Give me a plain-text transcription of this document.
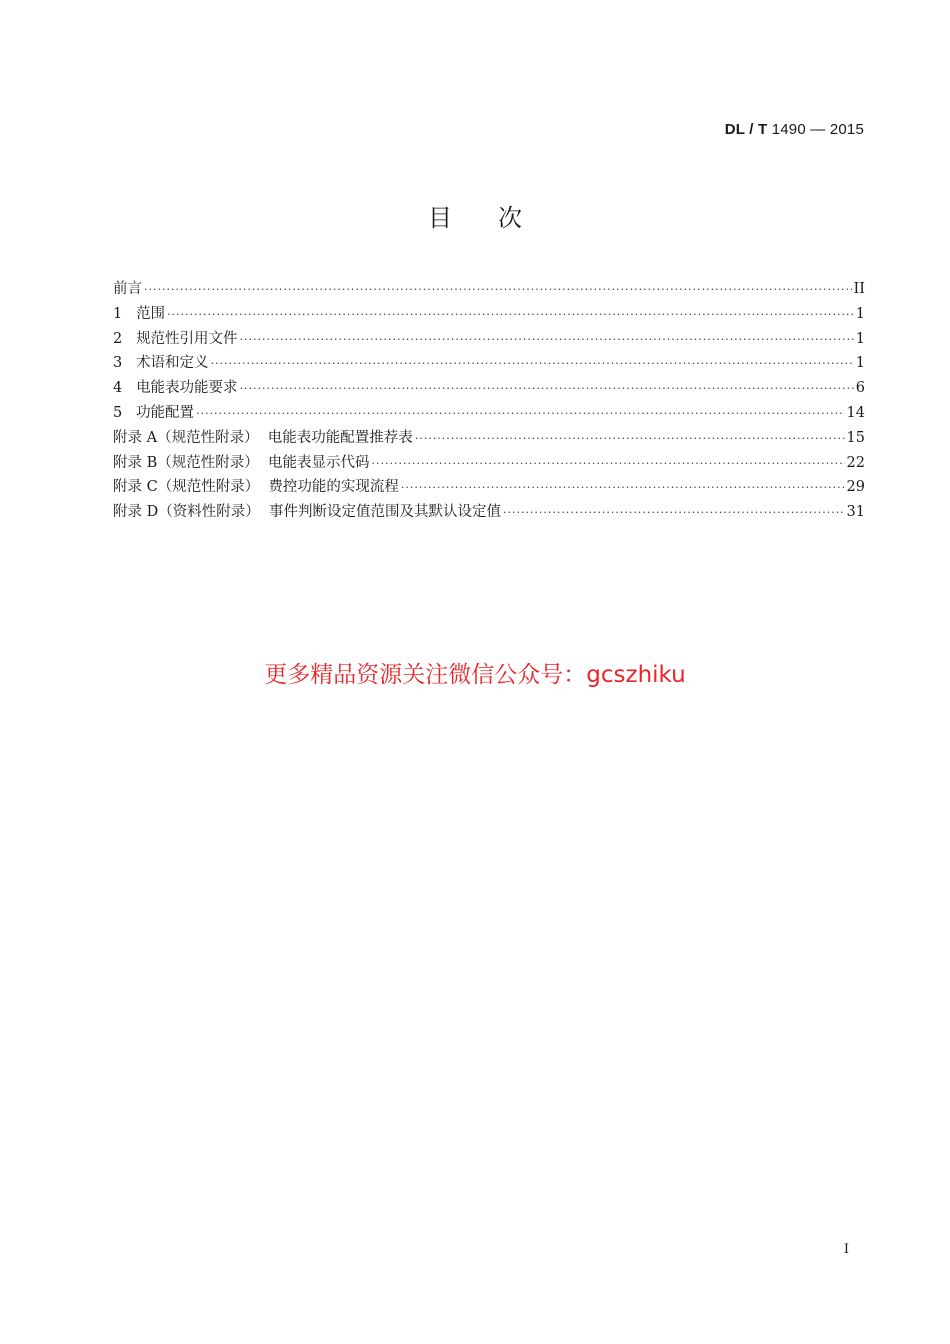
DL / T 1490 — 2015
目次
前言 ·····	II
1 范围 ·····	1
2 规范性引用文件 ·····	1
3 术语和定义 ·····	1
4 电能表功能要求 ·····	6
5 功能配置 ·····	14
附录 A（规范性附录）  电能表功能配置推荐表 ·····	15
附录 B（规范性附录）  电能表显示代码 ·····	22
附录 C（规范性附录）  费控功能的实现流程 ·····	29
附录 D（资料性附录）  事件判断设定值范围及其默认设定值 ·····	31
更多精品资源关注微信公众号：gcszhiku
I
